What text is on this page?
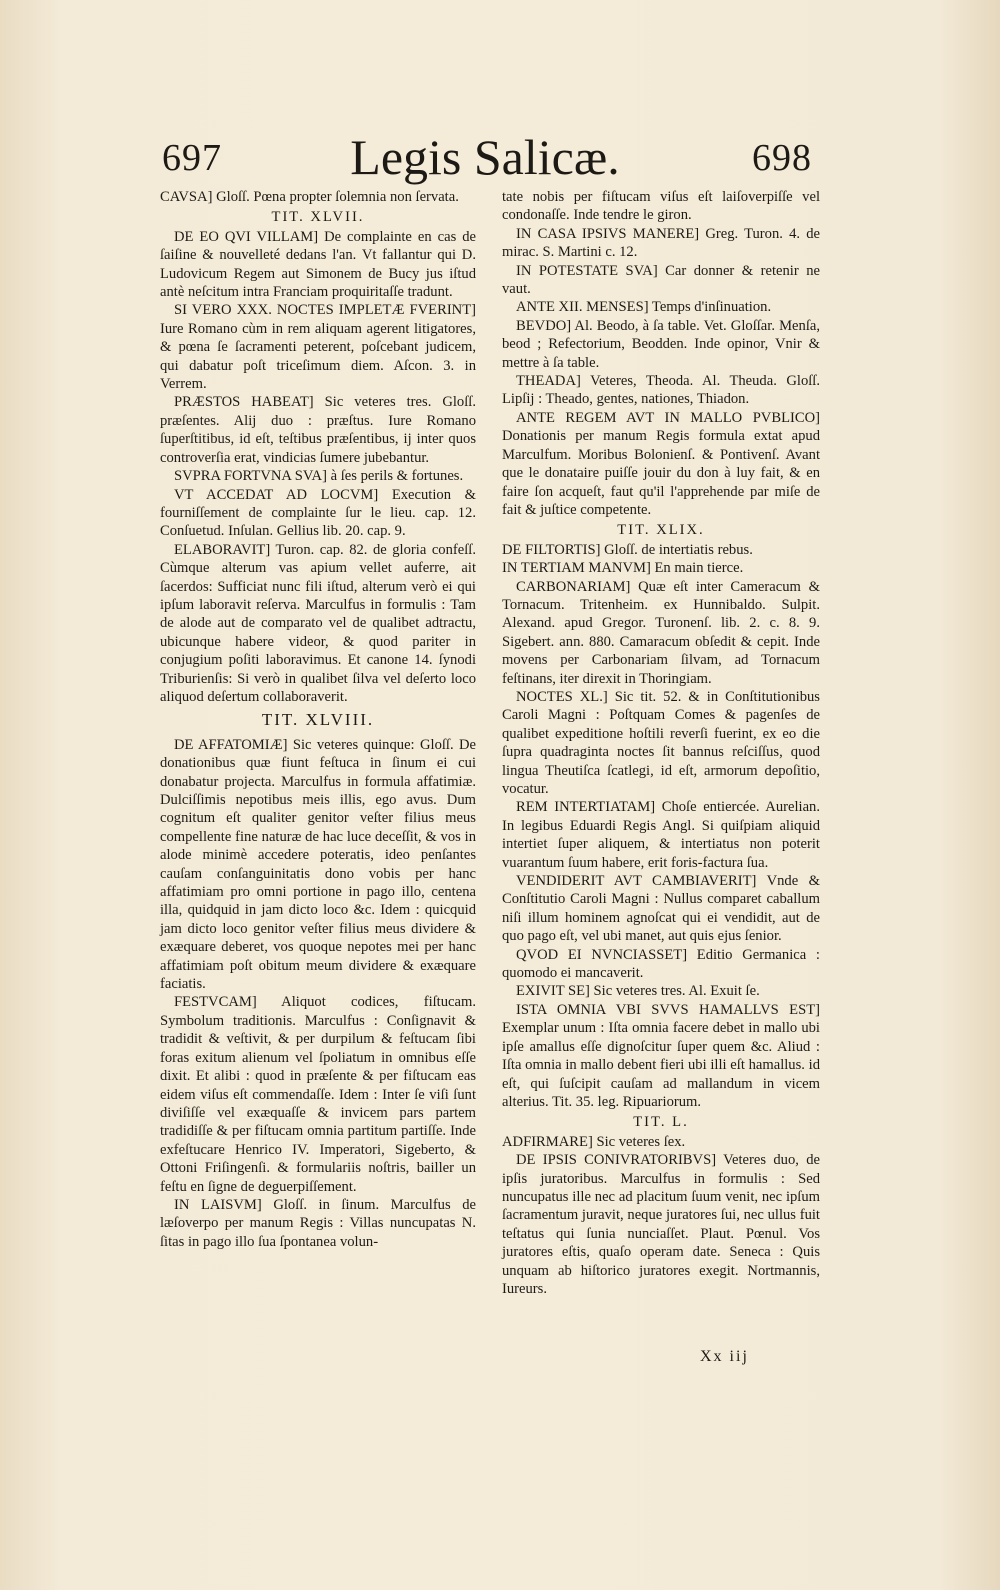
697	Legis Salicæ.	698

CAVSA] Gloſſ. Pœna propter ſolemnia non ſervata.

TIT. XLVII.

DE EO QVI VILLAM] De complainte en cas de ſaiſine & nouvelleté dedans l'an. Vt fallantur qui D. Ludovicum Regem aut Simonem de Bucy jus iſtud antè neſcitum intra Franciam proquiritaſſe tradunt.

SI VERO XXX. NOCTES IMPLETÆ FVERINT] Iure Romano cùm in rem aliquam agerent litigatores, & pœna ſe ſacramenti peterent, poſcebant judicem, qui dabatur poſt triceſimum diem. Aſcon. 3. in Verrem.

PRÆSTOS HABEAT] Sic veteres tres. Gloſſ. præſentes. Alij duo : præſtus. Iure Romano ſuperſtitibus, id eſt, teſtibus præſentibus, ij inter quos controverſia erat, vindicias ſumere jubebantur.

SVPRA FORTVNA SVA] à ſes perils & fortunes.

VT ACCEDAT AD LOCVM] Execution & fourniſſement de complainte ſur le lieu. cap. 12. Conſuetud. Inſulan. Gellius lib. 20. cap. 9.

ELABORAVIT] Turon. cap. 82. de gloria confeſſ. Cùmque alterum vas apium vellet auferre, ait ſacerdos: Sufficiat nunc fili iſtud, alterum verò ei qui ipſum laboravit reſerva. Marculfus in formulis : Tam de alode aut de comparato vel de qualibet adtractu, ubicunque habere videor, & quod pariter in conjugium poſiti laboravimus. Et canone 14. ſynodi Triburienſis: Si verò in qualibet ſilva vel deſerto loco aliquod deſertum collaboraverit.

TIT. XLVIII.

DE AFFATOMIÆ] Sic veteres quinque: Gloſſ. De donationibus quæ fiunt feſtuca in ſinum ei cui donabatur projecta. Marculfus in formula affatimiæ. Dulciſſimis nepotibus meis illis, ego avus. Dum cognitum eſt qualiter genitor veſter filius meus compellente fine naturæ de hac luce deceſſit, & vos in alode minimè accedere poteratis, ideo penſantes cauſam conſanguinitatis dono vobis per hanc affatimiam pro omni portione in pago illo, centena illa, quidquid in jam dicto loco &c. Idem : quicquid jam dicto loco genitor veſter filius meus dividere & exæquare deberet, vos quoque nepotes mei per hanc affatimiam poſt obitum meum dividere & exæquare faciatis.

FESTVCAM] Aliquot codices, fiſtucam. Symbolum traditionis. Marculfus : Conſignavit & tradidit & veſtivit, & per durpilum & feſtucam ſibi foras exitum alienum vel ſpoliatum in omnibus eſſe dixit. Et alibi : quod in præſente & per fiſtucam eas eidem viſus eſt commendaſſe. Idem : Inter ſe viſi ſunt diviſiſſe vel exæquaſſe & invicem pars partem tradidiſſe & per fiſtucam omnia partitum partiſſe. Inde exfeſtucare Henrico IV. Imperatori, Sigeberto, & Ottoni Friſingenſi. & formulariis noſtris, bailler un feſtu en ſigne de deguerpiſſement.

IN LAISVM] Gloſſ. in ſinum. Marculfus de læſoverpo per manum Regis : Villas nuncupatas N. ſitas in pago illo ſua ſpontanea volun-

tate nobis per fiſtucam viſus eſt laiſoverpiſſe vel condonaſſe. Inde tendre le giron.

IN CASA IPSIVS MANERE] Greg. Turon. 4. de mirac. S. Martini c. 12.

IN POTESTATE SVA] Car donner & retenir ne vaut.

ANTE XII. MENSES] Temps d'inſinuation.

BEVDO] Al. Beodo, à ſa table. Vet. Gloſſar. Menſa, beod ; Refectorium, Beodden. Inde opinor, Vnir & mettre à ſa table.

THEADA] Veteres, Theoda. Al. Theuda. Gloſſ. Lipſij : Theado, gentes, nationes, Thiadon.

ANTE REGEM AVT IN MALLO PVBLICO] Donationis per manum Regis formula extat apud Marculfum. Moribus Bolonienſ. & Pontivenſ. Avant que le donataire puiſſe jouir du don à luy fait, & en faire ſon acqueſt, faut qu'il l'apprehende par miſe de fait & juſtice competente.

TIT. XLIX.

DE FILTORTIS] Gloſſ. de intertiatis rebus.

IN TERTIAM MANVM] En main tierce.

CARBONARIAM] Quæ eſt inter Cameracum & Tornacum. Tritenheim. ex Hunnibaldo. Sulpit. Alexand. apud Gregor. Turonenſ. lib. 2. c. 8. 9. Sigebert. ann. 880. Camaracum obſedit & cepit. Inde movens per Carbonariam ſilvam, ad Tornacum feſtinans, iter direxit in Thoringiam.

NOCTES XL.] Sic tit. 52. & in Conſtitutionibus Caroli Magni : Poſtquam Comes & pagenſes de qualibet expeditione hoſtili reverſi fuerint, ex eo die ſupra quadraginta noctes ſit bannus reſciſſus, quod lingua Theutiſca ſcatlegi, id eſt, armorum depoſitio, vocatur.

REM INTERTIATAM] Choſe entiercée. Aurelian. In legibus Eduardi Regis Angl. Si quiſpiam aliquid intertiet ſuper aliquem, & intertiatus non poterit vuarantum ſuum habere, erit foris-factura ſua.

VENDIDERIT AVT CAMBIAVERIT] Vnde & Conſtitutio Caroli Magni : Nullus comparet caballum niſi illum hominem agnoſcat qui ei vendidit, aut de quo pago eſt, vel ubi manet, aut quis ejus ſenior.

QVOD EI NVNCIASSET] Editio Germanica : quomodo ei mancaverit.

EXIVIT SE] Sic veteres tres. Al. Exuit ſe.

ISTA OMNIA VBI SVVS HAMALLVS EST] Exemplar unum : Iſta omnia facere debet in mallo ubi ipſe amallus eſſe dignoſcitur ſuper quem &c. Aliud : Iſta omnia in mallo debent fieri ubi illi eſt hamallus. id eſt, qui ſuſcipit cauſam ad mallandum in vicem alterius. Tit. 35. leg. Ripuariorum.

TIT. L.

ADFIRMARE] Sic veteres ſex.

DE IPSIS CONIVRATORIBVS] Veteres duo, de ipſis juratoribus. Marculfus in formulis : Sed nuncupatus ille nec ad placitum ſuum venit, nec ipſum ſacramentum juravit, neque juratores ſui, nec ullus fuit teſtatus qui ſunia nunciaſſet. Plaut. Pœnul. Vos juratores eſtis, quaſo operam date. Seneca : Quis unquam ab hiſtorico juratores exegit. Nortmannis, Iureurs.

Xx iij
